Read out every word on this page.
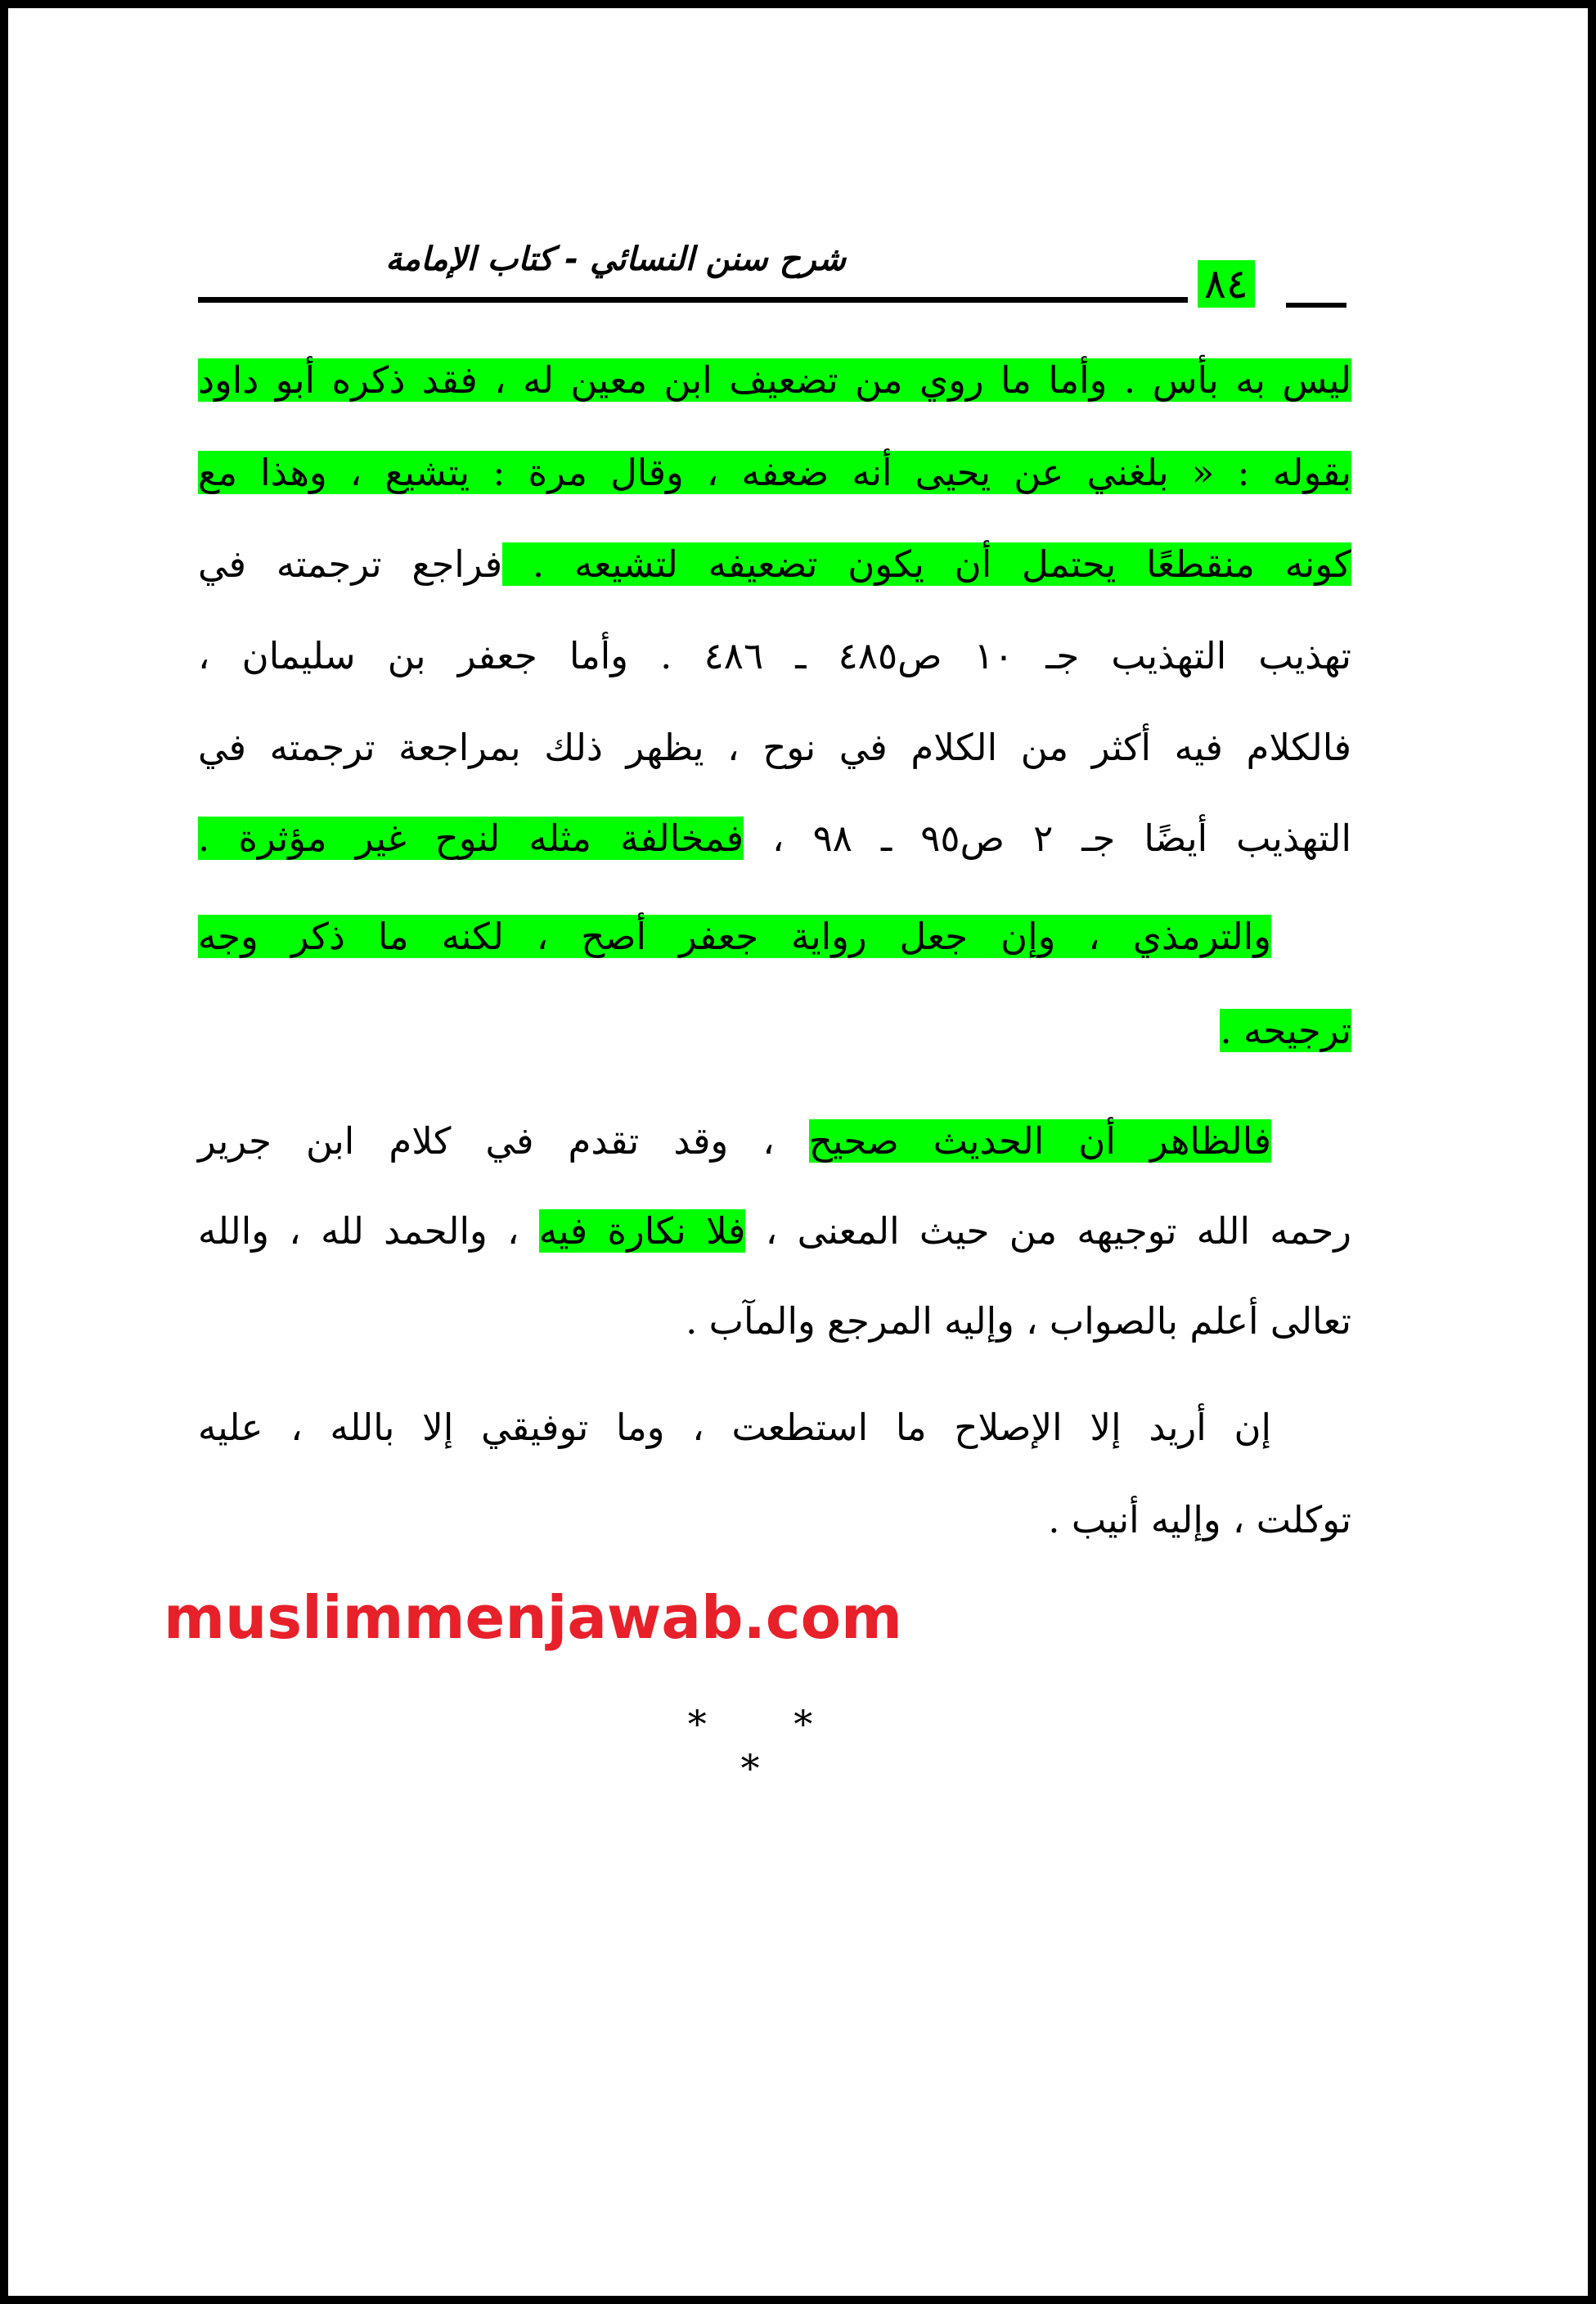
شرح سنن النسائي - كتاب الإمامة
٨٤
ليس به بأس . وأما ما روي من تضعيف ابن معين له ، فقد ذكره أبو داود
بقوله : « بلغني عن يحيى أنه ضعفه ، وقال مرة : يتشيع ، وهذا مع
كونه منقطعًا يحتمل أن يكون تضعيفه لتشيعه . فراجع ترجمته في
تهذيب التهذيب جـ ١٠ ص٤٨٥ ـ ٤٨٦ . وأما جعفر بن سليمان ،
فالكلام فيه أكثر من الكلام في نوح ، يظهر ذلك بمراجعة ترجمته في
التهذيب أيضًا جـ ٢ ص٩٥ ـ ٩٨ ، فمخالفة مثله لنوح غير مؤثرة .
والترمذي ، وإن جعل رواية جعفر أصح ، لكنه ما ذكر وجه
ترجيحه .
فالظاهر أن الحديث صحيح ، وقد تقدم في كلام ابن جرير
رحمه الله توجيهه من حيث المعنى ، فلا نكارة فيه ، والحمد لله ، والله
تعالى أعلم بالصواب ، وإليه المرجع والمآب .
إن أريد إلا الإصلاح ما استطعت ، وما توفيقي إلا بالله ، عليه
توكلت ، وإليه أنيب .
muslimmenjawab.com
* * *
